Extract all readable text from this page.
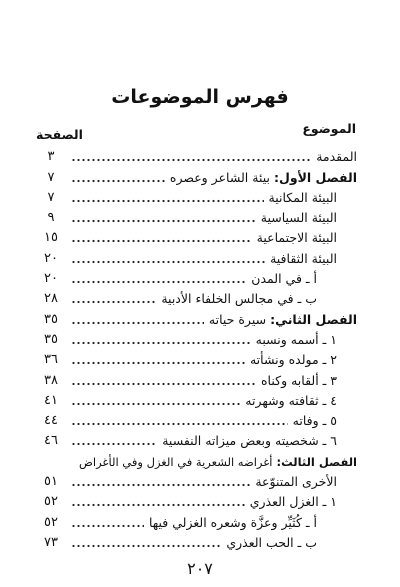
فهرس الموضوعات
الموضوع
الصفحة
المقدمة
٣
الفصل الأول:بيئة الشاعر وعصره
٧
البيئة المكانية
٧
البيئة السياسية
٩
البيئة الاجتماعية
١٥
البيئة الثقافية
٢٠
أ ـ في المدن
٢٠
ب ـ في مجالس الخلفاء الأدبية
٢٨
الفصل الثاني:سيرة حياته
٣٥
١ ـ أسمه ونسبه
٣٥
٢ ـ مولده ونشأته
٣٦
٣ ـ ألقابه وكناه
٣٨
٤ ـ ثقافته وشهرته
٤١
٥ ـ وفاته
٤٤
٦ ـ شخصيته وبعض ميزاته النفسية
٤٦
الفصل الثالث:أغراضه الشعرية في الغزل وفي الأغراض
الأخرى المتنوّعة
٥١
١ ـ الغزل العذري
٥٢
أ ـ كُثَيِّر وعزَّة وشعره الغزلي فيها
٥٢
ب ـ الحب العذري
٧٣
٢٠٧
